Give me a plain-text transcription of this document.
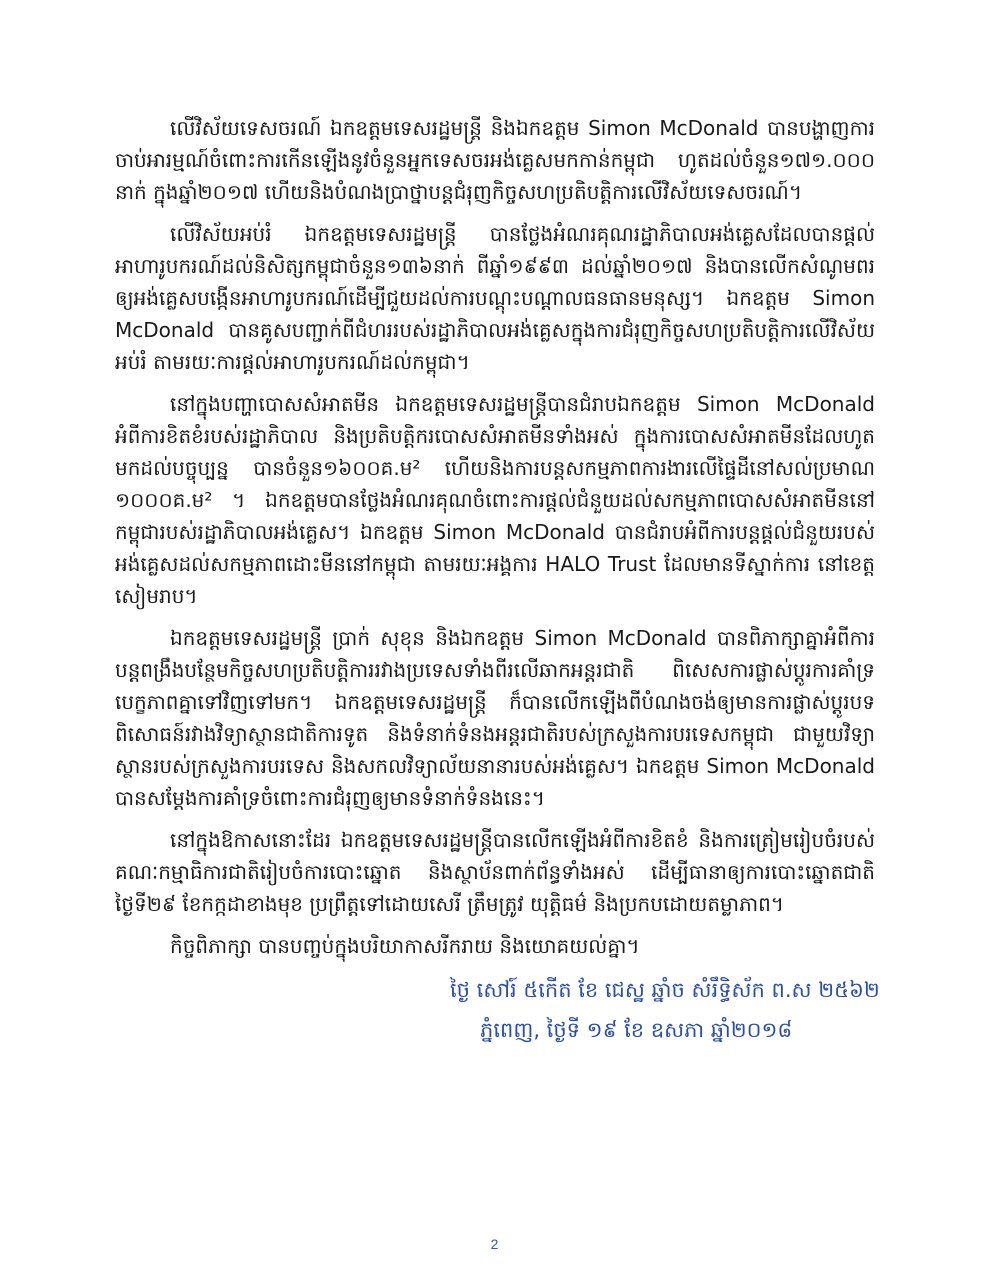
លើវិស័យទេសចរណ៍ ឯកឧត្តមទេសរដ្ឋមន្ត្រី និងឯកឧត្តម Simon McDonald បានបង្ហាញការចាប់អារម្មណ៍ចំពោះការកើនឡើងនូវចំនួនអ្នកទេសចរអង់គ្លេសមកកាន់កម្ពុជា ហូតដល់ចំនួន១៧១.០០០ នាក់ ក្នុងឆ្នាំ២០១៧ ហើយនិងបំណងប្រាថ្នាបន្តជំរុញកិច្ចសហប្រតិបត្តិការលើវិស័យទេសចរណ៍។

លើវិស័យអប់រំ ឯកឧត្តមទេសរដ្ឋមន្ត្រី បានថ្លែងអំណរគុណរដ្ឋាភិបាលអង់គ្លេសដែលបានផ្តល់អាហារូបករណ៍ដល់និសិត្សកម្ពុជាចំនួន១៣៦នាក់ ពីឆ្នាំ១៩៩៣ ដល់ឆ្នាំ២០១៧ និងបានលើកសំណូមពរឲ្យអង់គ្លេសបង្កើនអាហារូបករណ៍ដើម្បីជួយដល់ការបណ្តុះបណ្តាលធនធានមនុស្ស។ ឯកឧត្តម Simon McDonald បានគូសបញ្ជាក់ពីជំហររបស់រដ្ឋាភិបាលអង់គ្លេសក្នុងការជំរុញកិច្ចសហប្រតិបត្តិការលើវិស័យអប់រំ តាមរយៈការផ្តល់អាហារូបករណ៍ដល់កម្ពុជា។

នៅក្នុងបញ្ហាបោសសំអាតមីន ឯកឧត្តមទេសរដ្ឋមន្ត្រីបានជំរាបឯកឧត្តម Simon McDonald អំពីការខិតខំរបស់រដ្ឋាភិបាល និងប្រតិបត្តិករបោសសំអាតមីនទាំងអស់ ក្នុងការបោសសំអាតមីនដែលហូតមកដល់បច្ចុប្បន្ន បានចំនួន១៦០០គ.ម² ហើយនិងការបន្តសកម្មភាពការងារលើផ្ទៃដីនៅសល់ប្រមាណ ១០០០គ.ម² ។ ឯកឧត្តមបានថ្លែងអំណរគុណចំពោះការផ្តល់ជំនួយដល់សកម្មភាពបោសសំអាតមីននៅកម្ពុជារបស់រដ្ឋាភិបាលអង់គ្លេស។ ឯកឧត្តម Simon McDonald បានជំរាបអំពីការបន្តផ្តល់ជំនួយរបស់អង់គ្លេសដល់សកម្មភាពដោះមីននៅកម្ពុជា តាមរយៈអង្គការ HALO Trust ដែលមានទីស្នាក់ការ នៅខេត្តសៀមរាប។

ឯកឧត្តមទេសរដ្ឋមន្ត្រី ប្រាក់ សុខុន និងឯកឧត្តម Simon McDonald បានពិភាក្សាគ្នាអំពីការបន្តពង្រឹងបន្ថែមកិច្ចសហប្រតិបត្តិការរវាងប្រទេសទាំងពីរលើឆាកអន្តរជាតិ ពិសេសការផ្លាស់ប្តូរការគាំទ្របេក្ខភាពគ្នាទៅវិញទៅមក។ ឯកឧត្តមទេសរដ្ឋមន្ត្រី ក៏បានលើកឡើងពីបំណងចង់ឲ្យមានការផ្លាស់ប្តូរបទពិសោធន៍រវាងវិទ្យាស្ថានជាតិការទូត និងទំនាក់ទំនងអន្តរជាតិរបស់ក្រសួងការបរទេសកម្ពុជា ជាមួយវិទ្យាស្ថានរបស់ក្រសួងការបរទេស និងសកលវិទ្យាល័យនានារបស់អង់គ្លេស។ ឯកឧត្តម Simon McDonald បានសម្តែងការគាំទ្រចំពោះការជំរុញឲ្យមានទំនាក់ទំនងនេះ។

នៅក្នុងឱកាសនោះដែរ ឯកឧត្តមទេសរដ្ឋមន្ត្រីបានលើកឡើងអំពីការខិតខំ និងការត្រៀមរៀបចំរបស់គណៈកម្មាធិការជាតិរៀបចំការបោះឆ្នោត និងស្ថាប័នពាក់ព័ន្ធទាំងអស់ ដើម្បីធានាឲ្យការបោះឆ្នោតជាតិ ថ្ងៃទី២៩ ខែកក្កដាខាងមុខ ប្រព្រឹត្តទៅដោយសេរី ត្រឹមត្រូវ យុត្តិធម៌ និងប្រកបដោយតម្លាភាព។

កិច្ចពិភាក្សា បានបញ្ចប់ក្នុងបរិយាកាសរីករាយ និងយោគយល់គ្នា។

ថ្ងៃ សៅរ៍ ៥កើត ខែ ជេស្ឋ ឆ្នាំច សំរឹទ្ធិស័ក ព.ស ២៥៦២
ភ្នំពេញ, ថ្ងៃទី ១៩ ខែ ឧសភា ឆ្នាំ២០១៨
2
